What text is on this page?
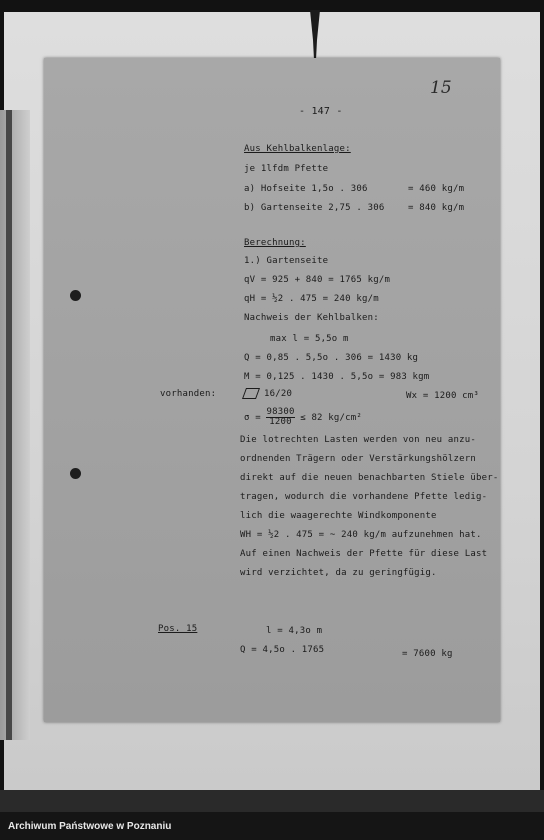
- 147 -
15
Aus Kehlbalkenlage:
je 1lfdm Pfette
a) Hofseite 1,5o . 306	= 460 kg/m
b) Gartenseite 2,75 . 306	= 840 kg/m
Berechnung:
1.) Gartenseite
qV = 925 + 840 = 1765 kg/m
qH = ½2 . 475 = 240 kg/m
Nachweis der Kehlbalken:
max l = 5,5o m
Q = 0,85 . 5,5o . 306 = 1430 kg
M = 0,125 . 1430 . 5,5o = 983 kgm
vorhanden:	16/20	Wx = 1200 cm³
$\sigma = \frac{98300}{1200} \le 82$ kg/cm²
Die lotrechten Lasten werden von neu anzu-
ordnenden Trägern oder Verstärkungshölzern
direkt auf die neuen benachbarten Stiele über-
tragen, wodurch die vorhandene Pfette ledig-
lich die waagerechte Windkomponente
WH = ½2 . 475 = ~ 240 kg/m aufzunehmen hat.
Auf einen Nachweis der Pfette für diese Last
wird verzichtet, da zu geringfügig.
Pos. 15	l = 4,3o m
Q = 4,5o . 1765	= 7600 kg
Archiwum Państwowe w Poznaniu
